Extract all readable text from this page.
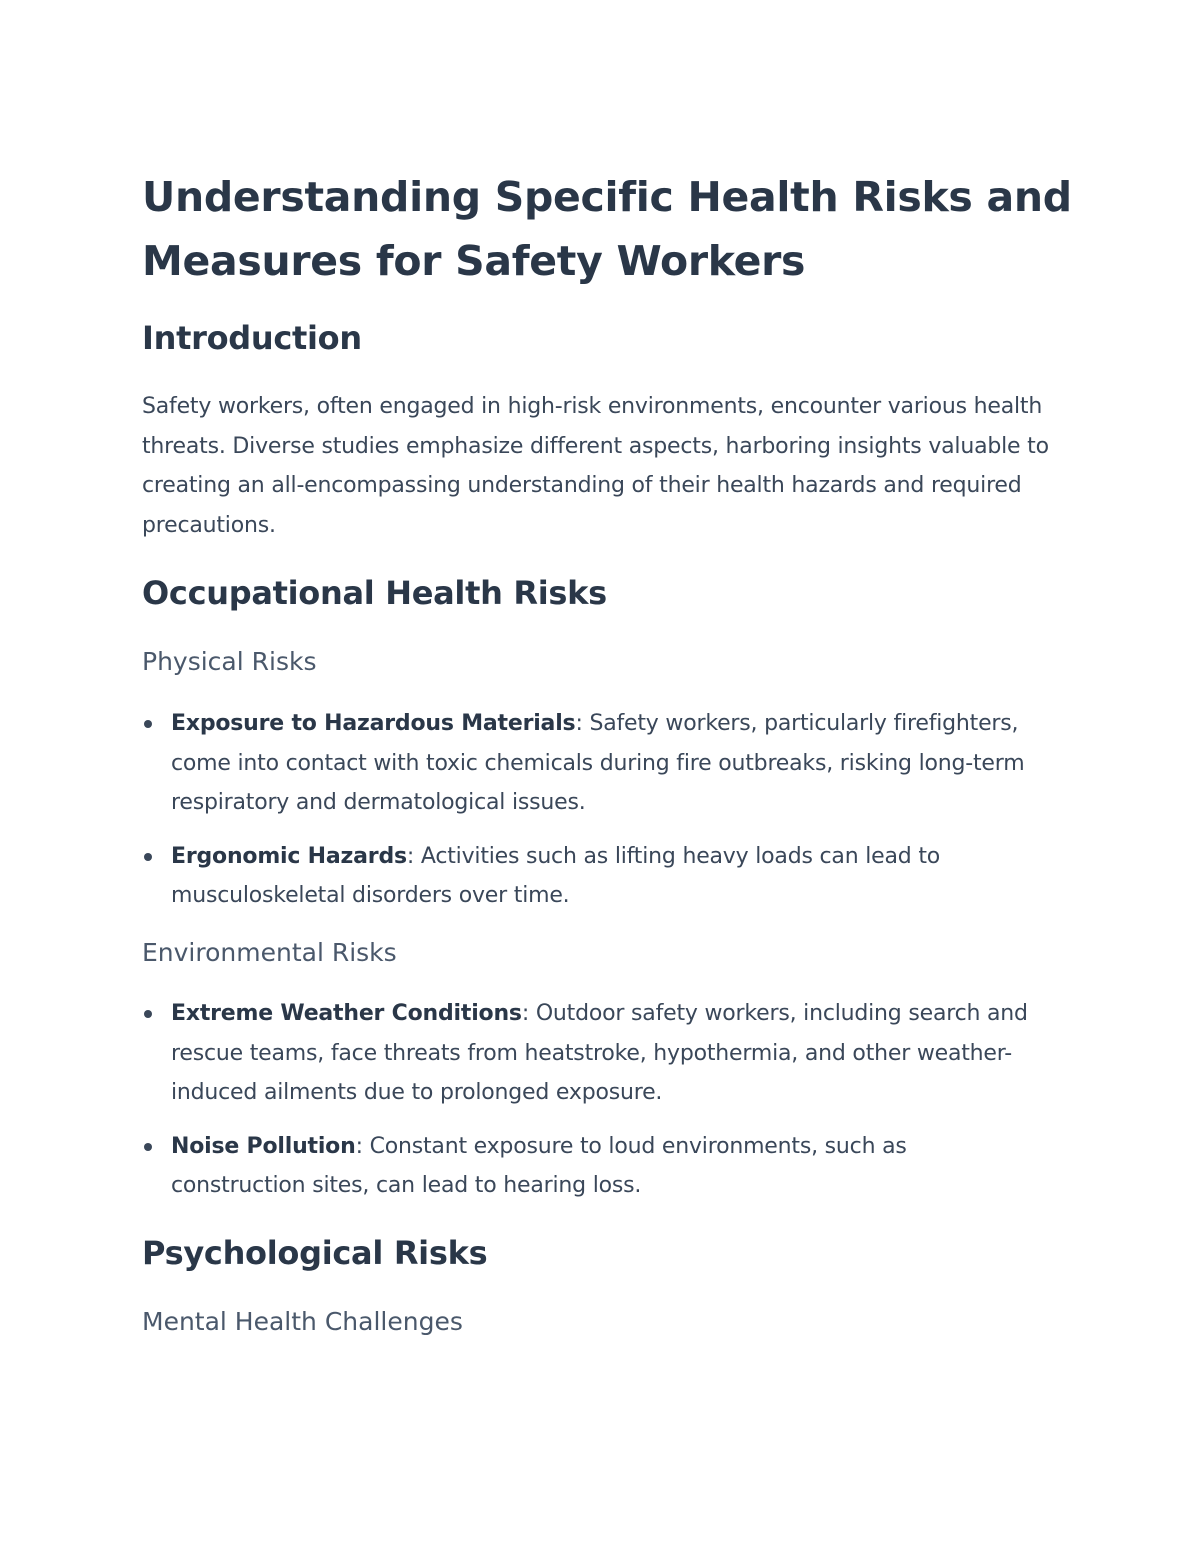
Understanding Specific Health Risks and Measures for Safety Workers
Introduction

Safety workers, often engaged in high-risk environments, encounter various health threats. Diverse studies emphasize different aspects, harboring insights valuable to creating an all-encompassing understanding of their health hazards and required precautions.

Occupational Health Risks
Physical Risks
Exposure to Hazardous Materials: Safety workers, particularly firefighters, come into contact with toxic chemicals during fire outbreaks, risking long-term respiratory and dermatological issues.
Ergonomic Hazards: Activities such as lifting heavy loads can lead to musculoskeletal disorders over time.
Environmental Risks
Extreme Weather Conditions: Outdoor safety workers, including search and rescue teams, face threats from heatstroke, hypothermia, and other weather-induced ailments due to prolonged exposure.
Noise Pollution: Constant exposure to loud environments, such as construction sites, can lead to hearing loss.
Psychological Risks
Mental Health Challenges
